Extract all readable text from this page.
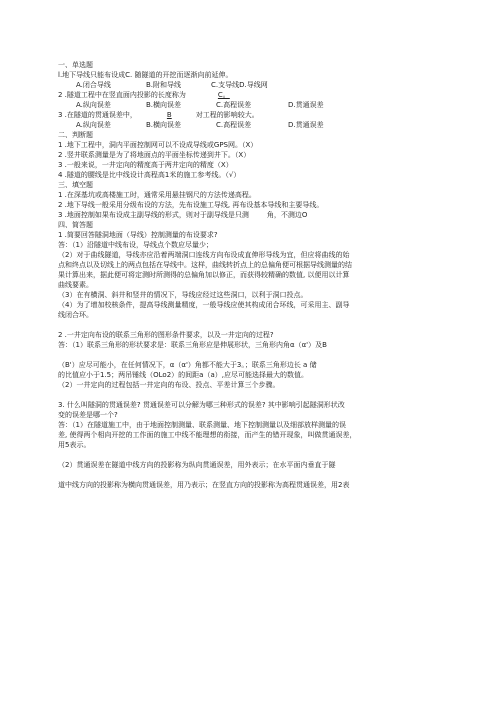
一、单选题

l.地下导线只能布设成C. 随隧道的开挖而逐渐向前延伸。

A.闭合导线	B.附和导线	C.支导线D.导线网

2 .隧道工程中在竖直面内投影的长度称为	C。

A.纵向误差	B.横向误差	C.高程误差	D.贯通误差

3 .在隧道的贯通误差中，	B	对工程的影响较大。

A.纵向误差	B.横向误差	C.高程误差	D.贯通误差

二、判断题

1 .地下工程中，洞内平面控制网可以不设成导线或GPS网。（X）

2 .竖井联系测量是为了将地面点的平面坐标传递到井下。（X）

3 .一般来说，一井定向的精度高于两井定向的精度（X）

4 .隧道的腰线是比中线设计高程高1米的施工参考线。（√）

三、填空题

1 .在深基坑或高楼施工时，通常采用悬挂钢尺的方法传递高程。

2 .地下导线一般采用分级布设的方法，先布设施工导线, 再布设基本导线和主要导线。

3 .地面控制如果布设成主副导线的形式，则对于副导线是只测	角，不测边O

四、简答题

1 .简要回答隧洞地面（导线）控制测量的布设要求?

答：（1）沿隧道中线布设，导线点个数应尽量少；

（2）对于曲线隧道，导线亦应沿着两端洞口连线方向布设成直伸形导线为宜，但应将曲线的始

点和终点以及切线上的两点包括在导线中。这样，曲线转折点上的总偏角便可根据导线测量的结

果计算出来，据此便可将定测时所测得的总偏角加以修正，而获得较精确的数值, 以便用以计算

曲线要素。

（3）在有横洞、斜井和竖井的情况下，导线应经过这些洞口，以利于洞口投点。

（4）为了增加校核条件，提高导线测量精度，一般导线应使其构成闭合环线，可采用主、副导

线闭合环。

2 .一井定向布设的联系三角形的图形条件要求，以及一井定向的过程?

答：（1）联系三角形的形状要求是：联系三角形应是伸展形状，三角形内角α（α'）及B

（B'）应尽可能小，在任何情况下，α（α'）角都不能大于3。；联系三角形边长 a 储

的比值应小于1.5；两吊锤线（OLo2）的间距a（a）,应尽可能选择最大的数值。

（2）一井定向的过程包括一井定向的布设、投点、平差计算三个步骤。

3. 什么叫隧洞的贯通误差? 贯通误差可以分解为哪三种形式的误差? 其中影响引起隧洞形状改

变的误差是哪一个?

答：（1）在隧道施工中，由于地面控制测量、联系测量、地下控制测量以及细部放样测量的误

差, 使得两个相向开挖的工作面的施工中线不能理想的衔接，而产生的错开现象，叫做贯通误差，

用5表示。

（2）贯通误差在隧道中线方向的投影称为纵向贯通误差，用外表示；在水平面内垂直于隧

道中线方向的投影称为横向贯通误差，用乃表示；在竖直方向的投影称为高程贯通误差，用2表
